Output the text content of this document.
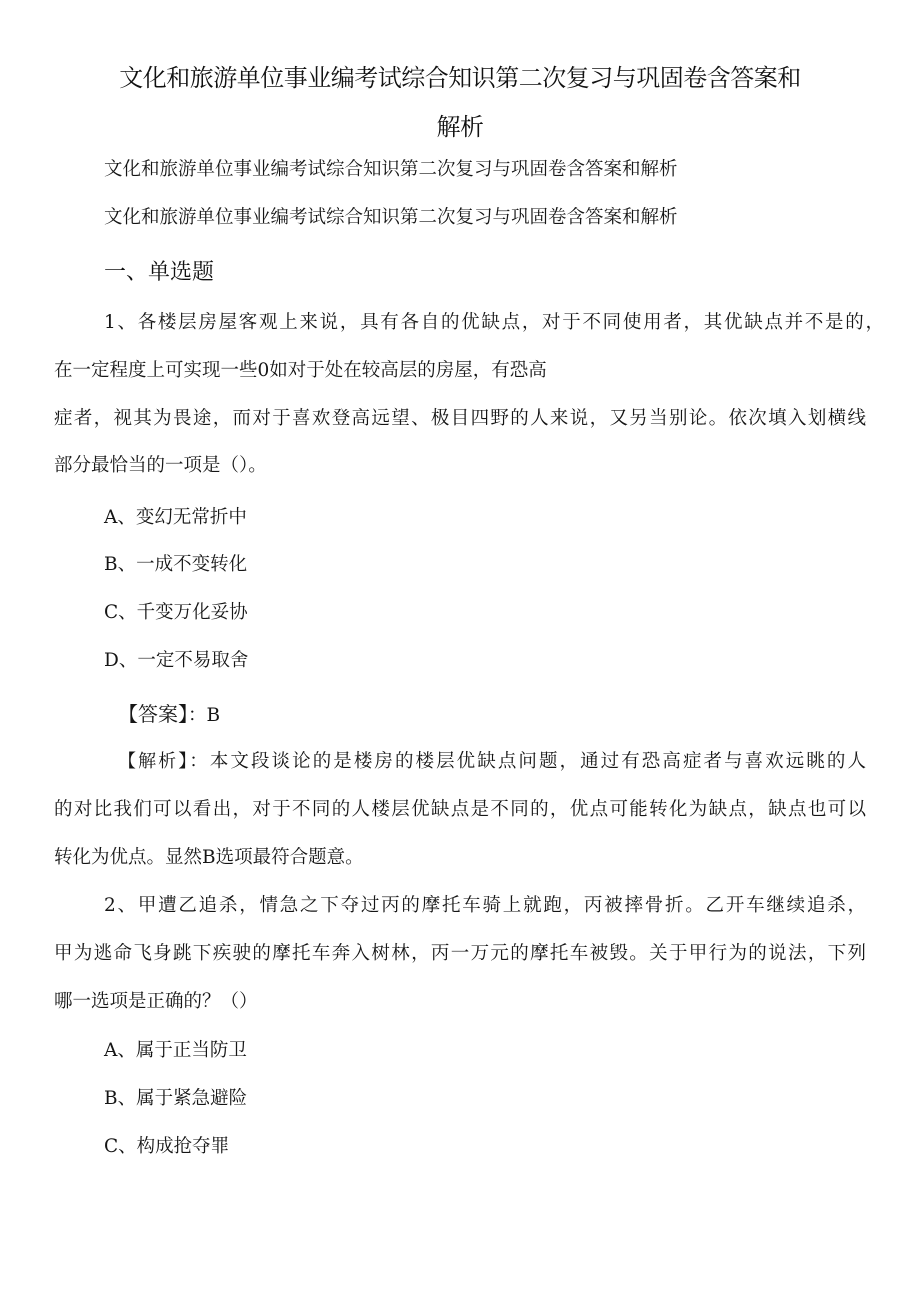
文化和旅游单位事业编考试综合知识第二次复习与巩固卷含答案和
解析
文化和旅游单位事业编考试综合知识第二次复习与巩固卷含答案和解析
文化和旅游单位事业编考试综合知识第二次复习与巩固卷含答案和解析
一、单选题
1、各楼层房屋客观上来说，具有各自的优缺点，对于不同使用者，其优缺点并不是的，
在一定程度上可实现一些0如对于处在较高层的房屋，有恐高
症者，视其为畏途，而对于喜欢登高远望、极目四野的人来说，又另当别论。依次填入划横线
部分最恰当的一项是（）。
A、变幻无常折中
B、一成不变转化
C、千变万化妥协
D、一定不易取舍
【答案】：B
【解析】：本文段谈论的是楼房的楼层优缺点问题，通过有恐高症者与喜欢远眺的人
的对比我们可以看出，对于不同的人楼层优缺点是不同的，优点可能转化为缺点，缺点也可以
转化为优点。显然B选项最符合题意。
2、甲遭乙追杀，情急之下夺过丙的摩托车骑上就跑，丙被摔骨折。乙开车继续追杀，
甲为逃命飞身跳下疾驶的摩托车奔入树林，丙一万元的摩托车被毁。关于甲行为的说法，下列
哪一选项是正确的？（）
A、属于正当防卫
B、属于紧急避险
C、构成抢夺罪
